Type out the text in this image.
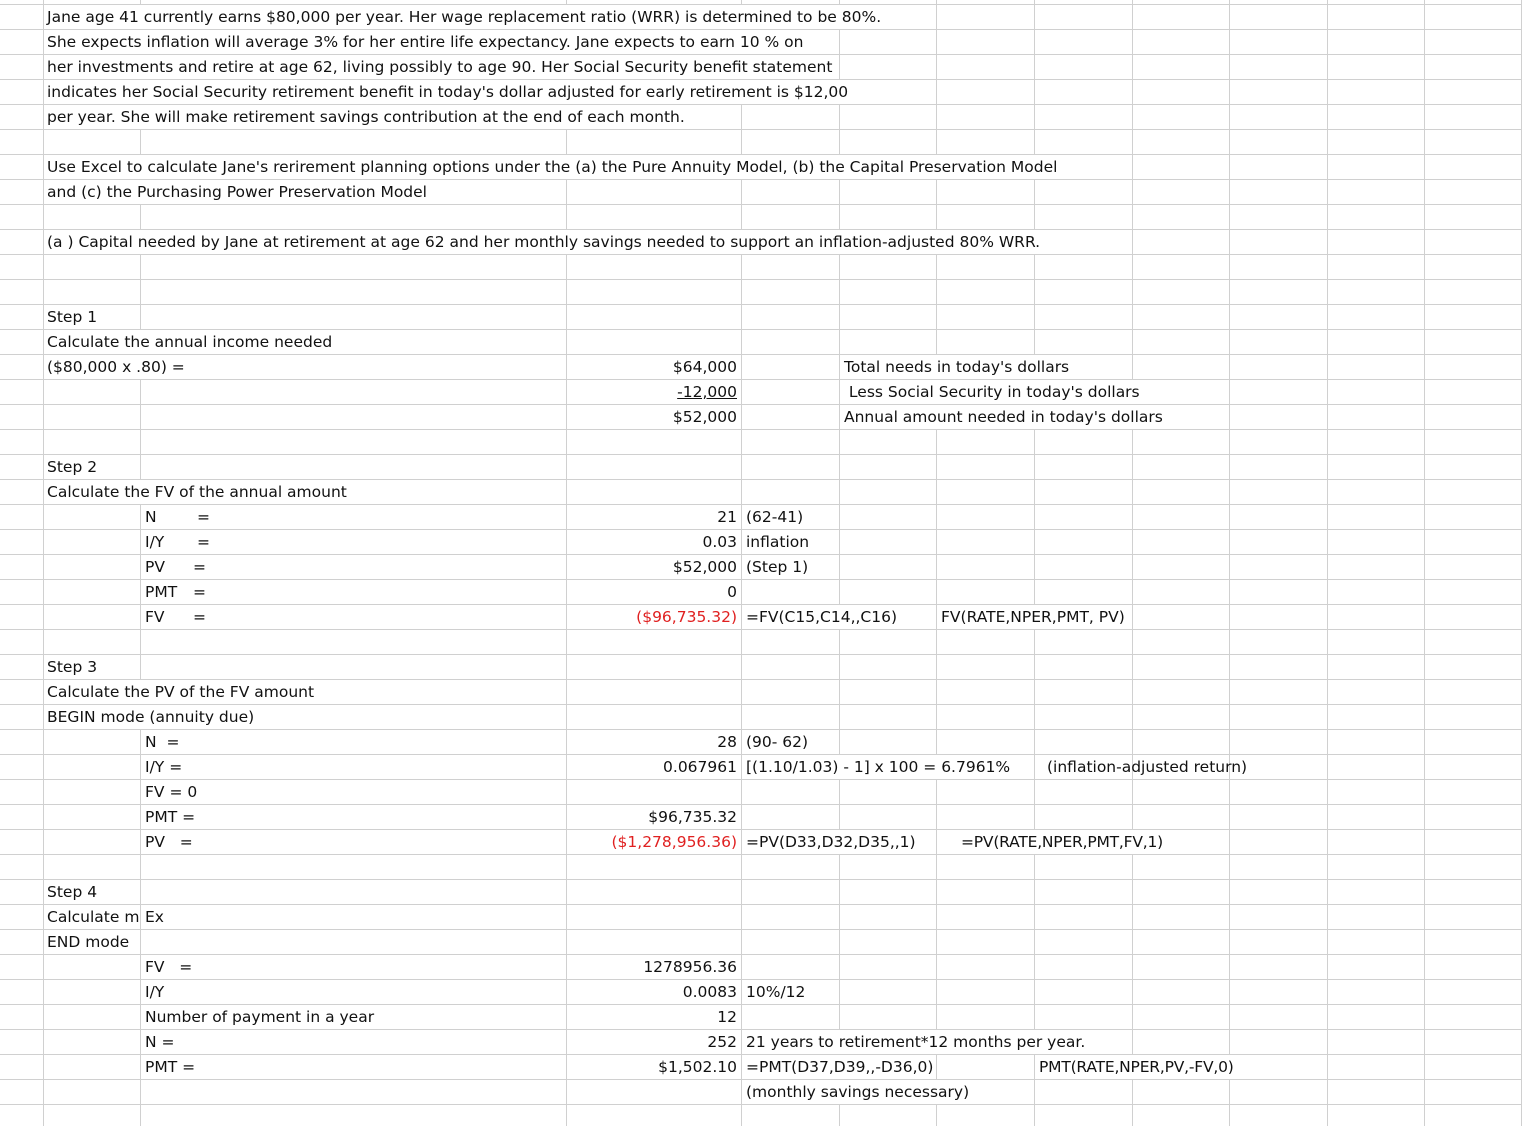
Jane age 41 currently earns $80,000 per year. Her wage replacement ratio (WRR) is determined to be 80%.
She expects inflation will average 3% for her entire life expectancy. Jane expects to earn 10 % on
her investments and retire at age 62, living possibly to age 90. Her Social Security benefit statement
indicates her Social Security retirement benefit in today's dollar adjusted for early retirement is $12,00
per year. She will make retirement savings contribution at the end of each month.
Use Excel to calculate Jane's rerirement planning options under the (a) the Pure Annuity Model, (b) the Capital Preservation Model
and (c) the Purchasing Power Preservation Model
(a ) Capital needed by Jane at retirement at age 62 and her monthly savings needed to support an inflation-adjusted 80% WRR.
Step 1
Calculate the annual income needed
($80,000 x .80) =	$64,000	Total needs in today's dollars
-12,000	Less Social Security in today's dollars
$52,000	Annual amount needed in today's dollars
Step 2
Calculate the FV of the annual amount
N	=	21 (62-41)
I/Y =	0.03 inflation
PV =	$52,000 (Step 1)
PMT =	0
FV =	($96,735.32) =FV(C15,C14,,C16)	FV(RATE,NPER,PMT, PV)
Step 3
Calculate the PV of the FV amount
BEGIN mode (annuity due)
N  =	28 (90- 62)
I/Y =	0.067961 [(1.10/1.03) - 1] x 100 = 6.7961% (inflation-adjusted return)
FV = 0
PMT =	$96,735.32
PV   =	($1,278,956.36) =PV(D33,D32,D35,,1)	=PV(RATE,NPER,PMT,FV,1)
Step 4
Calculate m Ex
END mode
FV   =	1278956.36
I/Y	0.0083 10%/12
Number of payment in a year	12
N =	252 21 years to retirement*12 months per year.
PMT =	$1,502.10 =PMT(D37,D39,,-D36,0)	PMT(RATE,NPER,PV,-FV,0)
(monthly savings necessary)
